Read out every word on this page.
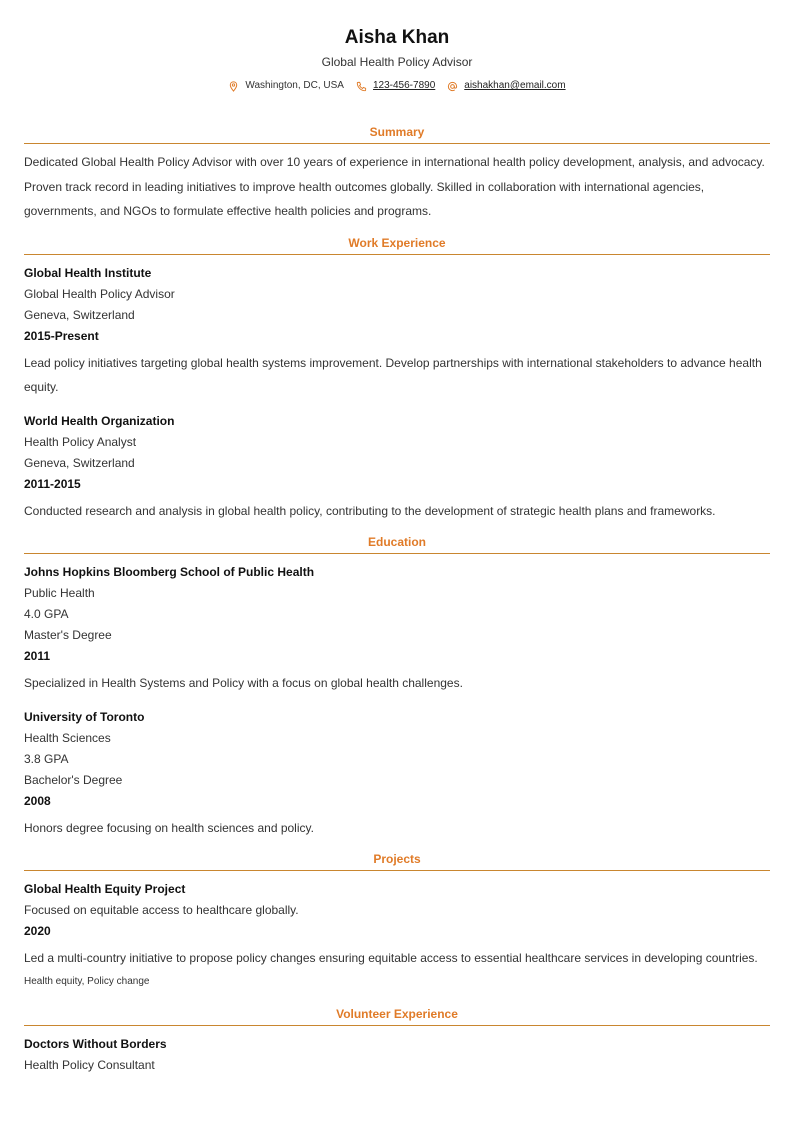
Aisha Khan
Global Health Policy Advisor
Washington, DC, USA	123-456-7890	aishakhan@email.com
Summary
Dedicated Global Health Policy Advisor with over 10 years of experience in international health policy development, analysis, and advocacy. Proven track record in leading initiatives to improve health outcomes globally. Skilled in collaboration with international agencies, governments, and NGOs to formulate effective health policies and programs.
Work Experience
Global Health Institute
Global Health Policy Advisor
Geneva, Switzerland
2015-Present
Lead policy initiatives targeting global health systems improvement. Develop partnerships with international stakeholders to advance health equity.
World Health Organization
Health Policy Analyst
Geneva, Switzerland
2011-2015
Conducted research and analysis in global health policy, contributing to the development of strategic health plans and frameworks.
Education
Johns Hopkins Bloomberg School of Public Health
Public Health
4.0 GPA
Master's Degree
2011
Specialized in Health Systems and Policy with a focus on global health challenges.
University of Toronto
Health Sciences
3.8 GPA
Bachelor's Degree
2008
Honors degree focusing on health sciences and policy.
Projects
Global Health Equity Project
Focused on equitable access to healthcare globally.
2020
Led a multi-country initiative to propose policy changes ensuring equitable access to essential healthcare services in developing countries.
Health equity, Policy change
Volunteer Experience
Doctors Without Borders
Health Policy Consultant
